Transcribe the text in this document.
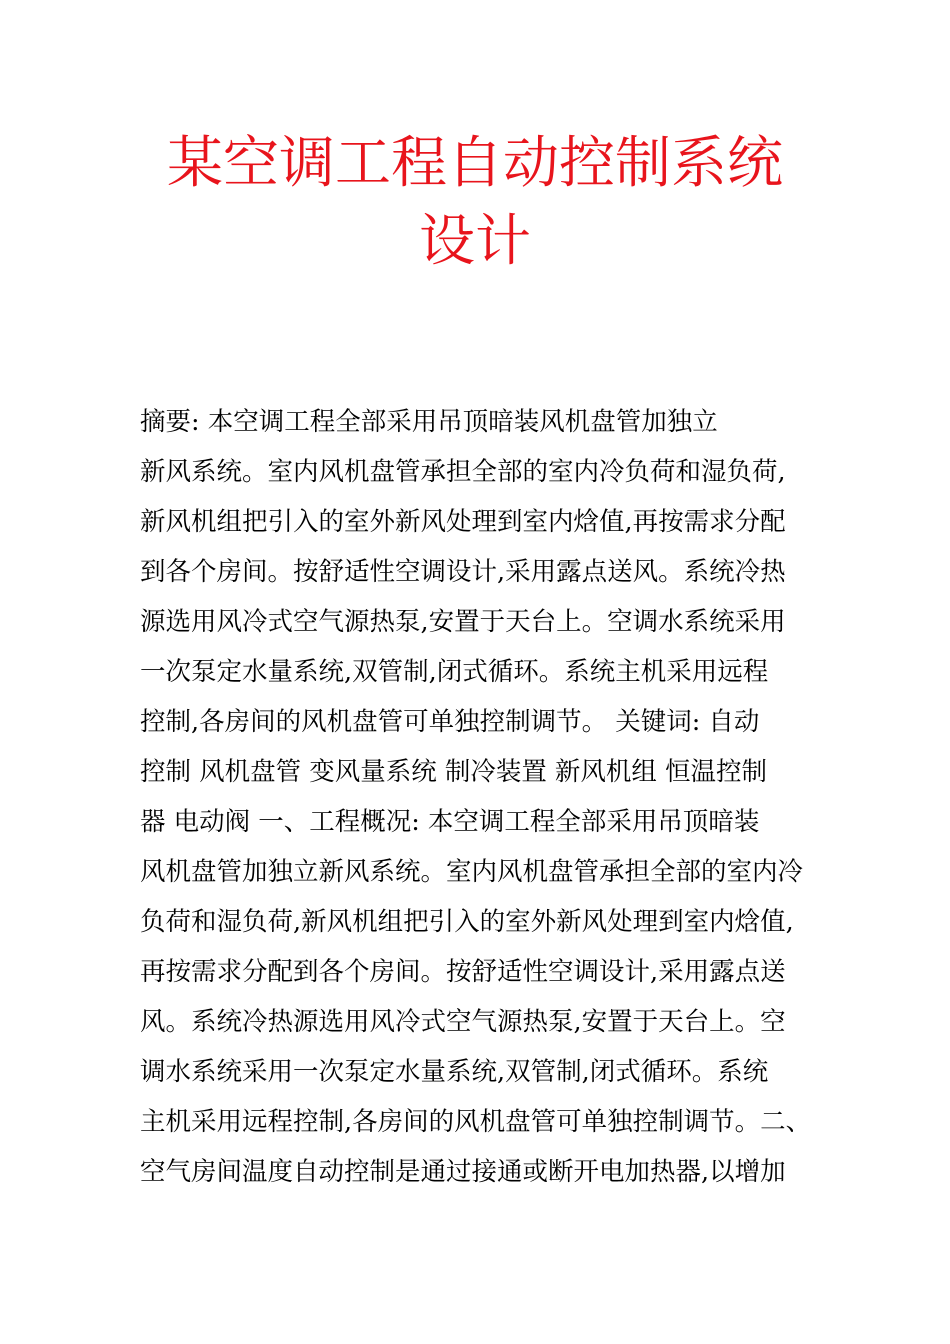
某空调工程自动控制系统
设计
摘要: 本空调工程全部采用吊顶暗装风机盘管加独立
新风系统。室内风机盘管承担全部的室内冷负荷和湿负荷,
新风机组把引入的室外新风处理到室内焓值,再按需求分配
到各个房间。按舒适性空调设计,采用露点送风。系统冷热
源选用风冷式空气源热泵,安置于天台上。空调水系统采用
一次泵定水量系统,双管制,闭式循环。系统主机采用远程
控制,各房间的风机盘管可单独控制调节。 关键词: 自动
控制 风机盘管 变风量系统 制冷装置 新风机组 恒温控制
器 电动阀 一、工程概况: 本空调工程全部采用吊顶暗装
风机盘管加独立新风系统。室内风机盘管承担全部的室内冷
负荷和湿负荷,新风机组把引入的室外新风处理到室内焓值,
再按需求分配到各个房间。按舒适性空调设计,采用露点送
风。系统冷热源选用风冷式空气源热泵,安置于天台上。空
调水系统采用一次泵定水量系统,双管制,闭式循环。系统
主机采用远程控制,各房间的风机盘管可单独控制调节。二、
空气房间温度自动控制是通过接通或断开电加热器,以增加
